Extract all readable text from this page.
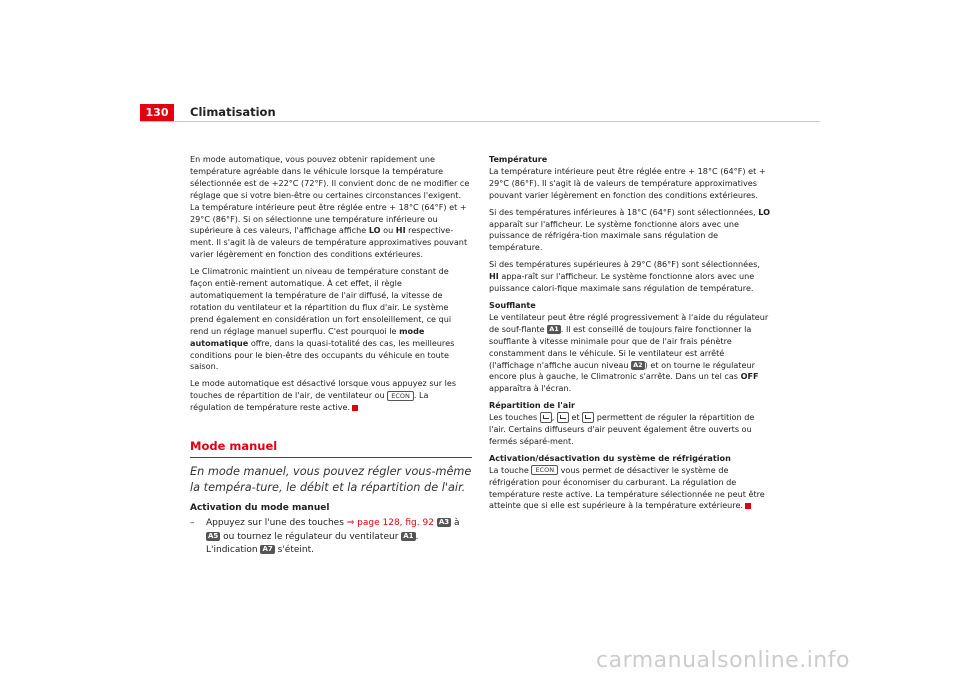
130	Climatisation

En mode automatique, vous pouvez obtenir rapidement une température agréable dans le véhicule lorsque la température sélectionnée est de +22°C (72°F). Il convient donc de ne modifier ce réglage que si votre bien-être ou certaines circonstances l'exigent. La température intérieure peut être réglée entre + 18°C (64°F) et + 29°C (86°F). Si on sélectionne une température inférieure ou supérieure à ces valeurs, l'affichage affiche LO ou HI respective-ment. Il s'agit là de valeurs de température approximatives pouvant varier légèrement en fonction des conditions extérieures.

Le Climatronic maintient un niveau de température constant de façon entiè-rement automatique. À cet effet, il règle automatiquement la température de l'air diffusé, la vitesse de rotation du ventilateur et la répartition du flux d'air. Le système prend également en considération un fort ensoleillement, ce qui rend un réglage manuel superflu. C'est pourquoi le mode automatique offre, dans la quasi-totalité des cas, les meilleures conditions pour le bien-être des occupants du véhicule en toute saison.

Le mode automatique est désactivé lorsque vous appuyez sur les touches de répartition de l'air, de ventilateur ou ECON . La régulation de température reste active.

Mode manuel
En mode manuel, vous pouvez régler vous-même la tempéra-ture, le débit et la répartition de l'air.
Activation du mode manuel
–	Appuyez sur l'une des touches ⇒ page 128, fig. 92 A3 à A5 ou tournez le régulateur du ventilateur A1 . L'indication A7 s'éteint.
Température

La température intérieure peut être réglée entre + 18°C (64°F) et + 29°C (86°F). Il s'agit là de valeurs de température approximatives pouvant varier légèrement en fonction des conditions extérieures.

Si des températures inférieures à 18°C (64°F) sont sélectionnées, LO apparaît sur l'afficheur. Le système fonctionne alors avec une puissance de réfrigéra-tion maximale sans régulation de température.

Si des températures supérieures à 29°C (86°F) sont sélectionnées, HI appa-raît sur l'afficheur. Le système fonctionne alors avec une puissance calori-fique maximale sans régulation de température.

Soufflante

Le ventilateur peut être réglé progressivement à l'aide du régulateur de souf-flante A1 . Il est conseillé de toujours faire fonctionner la soufflante à vitesse minimale pour que de l'air frais pénètre constamment dans le véhicule. Si le ventilateur est arrêté (l'affichage n'affiche aucun niveau A2 ) et on tourne le régulateur encore plus à gauche, le Climatronic s'arrête. Dans un tel cas OFF apparaîtra à l'écran.

Répartition de l'air

Les touches ,  et  permettent de réguler la répartition de l'air. Certains diffuseurs d'air peuvent également être ouverts ou fermés séparé-ment.

Activation/désactivation du système de réfrigération

La touche ECON vous permet de désactiver le système de réfrigération pour économiser du carburant. La régulation de température reste active. La température sélectionnée ne peut être atteinte que si elle est supérieure à la température extérieure.

carmanualsonline.info
